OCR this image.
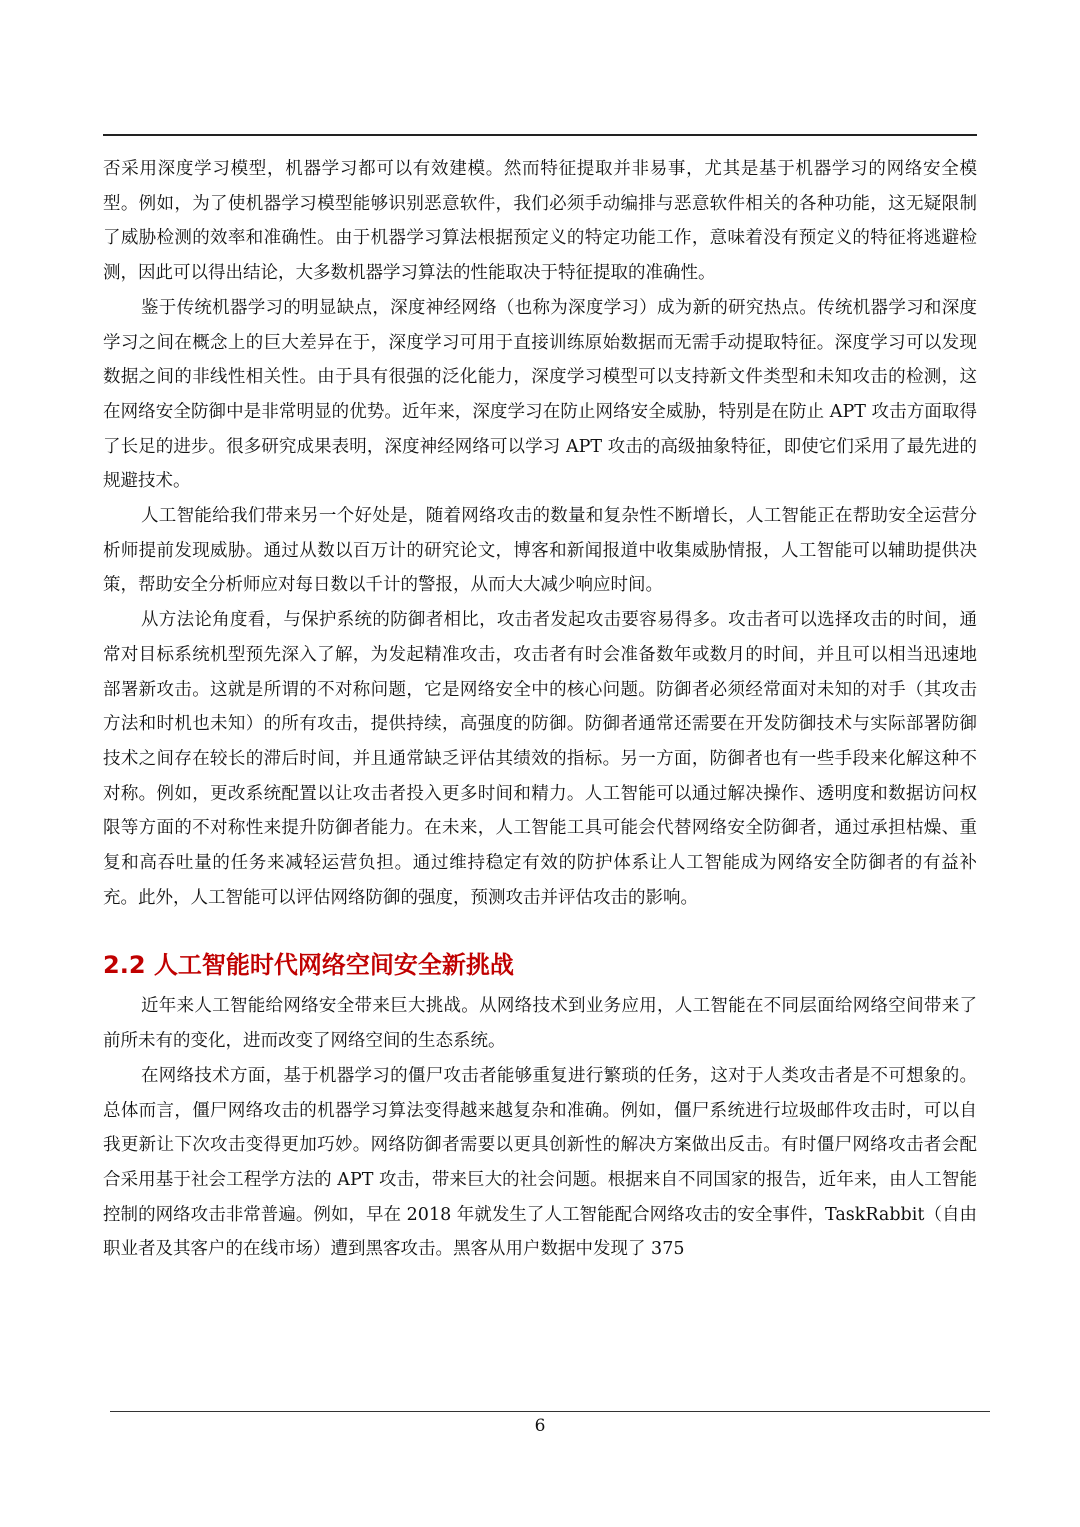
否采用深度学习模型，机器学习都可以有效建模。然而特征提取并非易事，尤其是基于机器学习的网络安全模型。例如，为了使机器学习模型能够识别恶意软件，我们必须手动编排与恶意软件相关的各种功能，这无疑限制了威胁检测的效率和准确性。由于机器学习算法根据预定义的特定功能工作，意味着没有预定义的特征将逃避检测，因此可以得出结论，大多数机器学习算法的性能取决于特征提取的准确性。

鉴于传统机器学习的明显缺点，深度神经网络（也称为深度学习）成为新的研究热点。传统机器学习和深度学习之间在概念上的巨大差异在于，深度学习可用于直接训练原始数据而无需手动提取特征。深度学习可以发现数据之间的非线性相关性。由于具有很强的泛化能力，深度学习模型可以支持新文件类型和未知攻击的检测，这在网络安全防御中是非常明显的优势。近年来，深度学习在防止网络安全威胁，特别是在防止 APT 攻击方面取得了长足的进步。很多研究成果表明，深度神经网络可以学习 APT 攻击的高级抽象特征，即使它们采用了最先进的规避技术。

人工智能给我们带来另一个好处是，随着网络攻击的数量和复杂性不断增长，人工智能正在帮助安全运营分析师提前发现威胁。通过从数以百万计的研究论文，博客和新闻报道中收集威胁情报，人工智能可以辅助提供决策，帮助安全分析师应对每日数以千计的警报，从而大大减少响应时间。

从方法论角度看，与保护系统的防御者相比，攻击者发起攻击要容易得多。攻击者可以选择攻击的时间，通常对目标系统机型预先深入了解，为发起精准攻击，攻击者有时会准备数年或数月的时间，并且可以相当迅速地部署新攻击。这就是所谓的不对称问题，它是网络安全中的核心问题。防御者必须经常面对未知的对手（其攻击方法和时机也未知）的所有攻击，提供持续，高强度的防御。防御者通常还需要在开发防御技术与实际部署防御技术之间存在较长的滞后时间，并且通常缺乏评估其绩效的指标。另一方面，防御者也有一些手段来化解这种不对称。例如，更改系统配置以让攻击者投入更多时间和精力。人工智能可以通过解决操作、透明度和数据访问权限等方面的不对称性来提升防御者能力。在未来，人工智能工具可能会代替网络安全防御者，通过承担枯燥、重复和高吞吐量的任务来减轻运营负担。通过维持稳定有效的防护体系让人工智能成为网络安全防御者的有益补充。此外，人工智能可以评估网络防御的强度，预测攻击并评估攻击的影响。

2.2 人工智能时代网络空间安全新挑战

近年来人工智能给网络安全带来巨大挑战。从网络技术到业务应用，人工智能在不同层面给网络空间带来了前所未有的变化，进而改变了网络空间的生态系统。

在网络技术方面，基于机器学习的僵尸攻击者能够重复进行繁琐的任务，这对于人类攻击者是不可想象的。总体而言，僵尸网络攻击的机器学习算法变得越来越复杂和准确。例如，僵尸系统进行垃圾邮件攻击时，可以自我更新让下次攻击变得更加巧妙。网络防御者需要以更具创新性的解决方案做出反击。有时僵尸网络攻击者会配合采用基于社会工程学方法的 APT 攻击，带来巨大的社会问题。根据来自不同国家的报告，近年来，由人工智能控制的网络攻击非常普遍。例如，早在 2018 年就发生了人工智能配合网络攻击的安全事件，TaskRabbit（自由职业者及其客户的在线市场）遭到黑客攻击。黑客从用户数据中发现了 375

6
